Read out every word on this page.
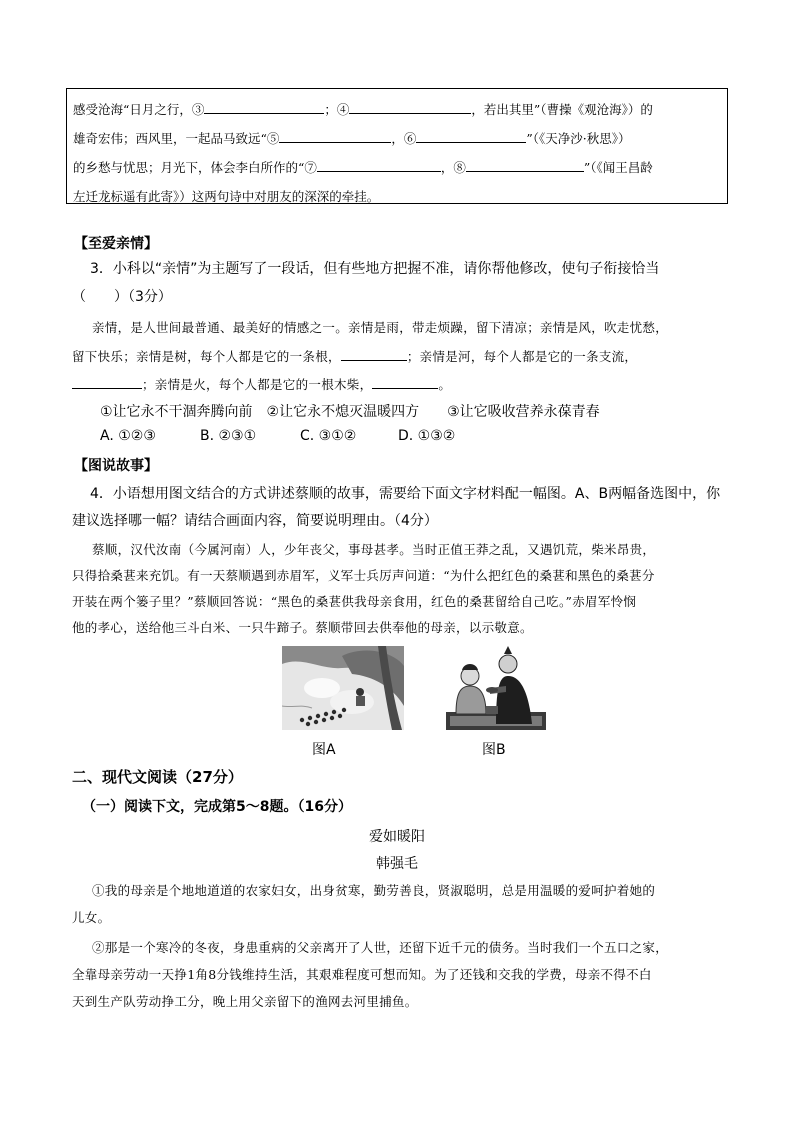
感受沧海“日月之行，③	；④	，若出其里”（曹操《观沧海》）的
雄奇宏伟；西风里，一起品马致远“⑤	，⑥	”（《天净沙·秋思》）
的乡愁与忧思；月光下，体会李白所作的“⑦	，⑧	”（《闻王昌龄
左迁龙标遥有此寄》）这两句诗中对朋友的深深的牵挂。
【至爱亲情】
3．小科以“亲情”为主题写了一段话，但有些地方把握不准，请你帮他修改，使句子衔接恰当
（　　）（3分）
亲情，是人世间最普通、最美好的情感之一。亲情是雨，带走烦躁，留下清凉；亲情是风，吹走忧愁，
留下快乐；亲情是树，每个人都是它的一条根，	；亲情是河，每个人都是它的一条支流，
；亲情是火，每个人都是它的一根木柴，	。
①让它永不干涸奔腾向前　②让它永不熄灭温暖四方　　③让它吸收营养永葆青春
A. ①②③	B. ②③①	C. ③①②	D. ①③②
【图说故事】
4．小语想用图文结合的方式讲述蔡顺的故事，需要给下面文字材料配一幅图。A、B两幅备选图中，你
建议选择哪一幅？请结合画面内容，简要说明理由。（4分）
蔡顺，汉代汝南（今属河南）人，少年丧父，事母甚孝。当时正值王莽之乱，又遇饥荒，柴米昂贵，
只得拾桑葚来充饥。有一天蔡顺遇到赤眉军，义军士兵厉声问道：“为什么把红色的桑葚和黑色的桑葚分
开装在两个篓子里？”蔡顺回答说：“黑色的桑葚供我母亲食用，红色的桑葚留给自己吃。”赤眉军怜悯
他的孝心，送给他三斗白米、一只牛蹄子。蔡顺带回去供奉他的母亲，以示敬意。
图A	图B
二、现代文阅读（27分）
（一）阅读下文，完成第5～8题。（16分）
爱如暖阳
韩强毛
①我的母亲是个地地道道的农家妇女，出身贫寒，勤劳善良，贤淑聪明，总是用温暖的爱呵护着她的
儿女。
②那是一个寒冷的冬夜，身患重病的父亲离开了人世，还留下近千元的债务。当时我们一个五口之家，
全靠母亲劳动一天挣1角8分钱维持生活，其艰难程度可想而知。为了还钱和交我的学费，母亲不得不白
天到生产队劳动挣工分，晚上用父亲留下的渔网去河里捕鱼。
